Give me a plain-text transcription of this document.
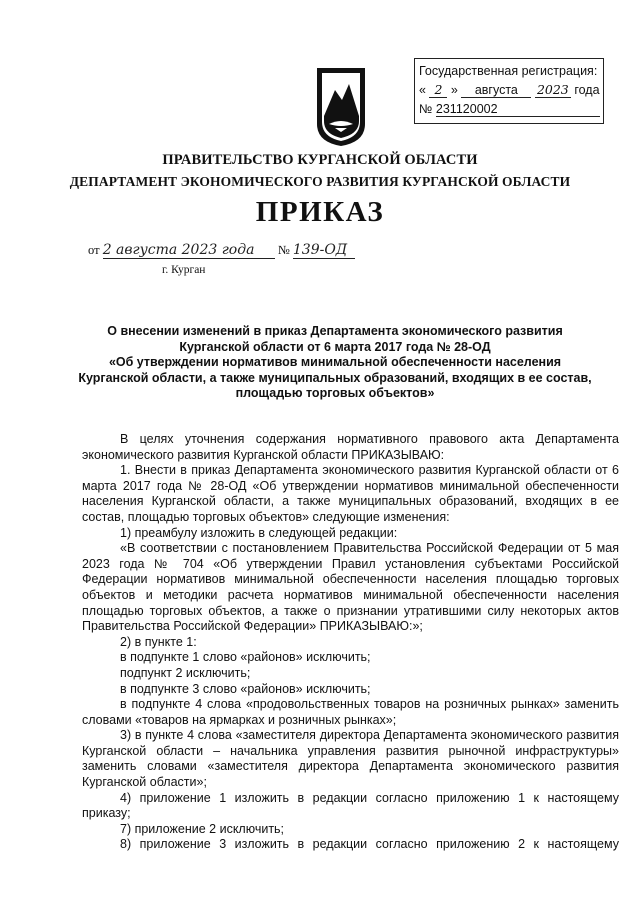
Государственная регистрация:
« 2 » августа 2023 года
№ 231120002
ПРАВИТЕЛЬСТВО КУРГАНСКОЙ ОБЛАСТИ
ДЕПАРТАМЕНТ ЭКОНОМИЧЕСКОГО РАЗВИТИЯ КУРГАНСКОЙ ОБЛАСТИ
ПРИКАЗ
от 2 августа 2023 года № 139-ОД
г. Курган
О внесении изменений в приказ Департамента экономического развития
Курганской области от 6 марта 2017 года № 28-ОД
«Об утверждении нормативов минимальной обеспеченности населения
Курганской области, а также муниципальных образований, входящих в ее состав,
площадью торговых объектов»

В целях уточнения содержания нормативного правового акта Департамента экономического развития Курганской области ПРИКАЗЫВАЮ:

1. Внести в приказ Департамента экономического развития Курганской области от 6 марта 2017 года № 28-ОД «Об утверждении нормативов минимальной обеспеченности населения Курганской области, а также муниципальных образований, входящих в ее состав, площадью торговых объектов» следующие изменения:

1) преамбулу изложить в следующей редакции:

«В соответствии с постановлением Правительства Российской Федерации от 5 мая 2023 года № 704 «Об утверждении Правил установления субъектами Российской Федерации нормативов минимальной обеспеченности населения площадью торговых объектов и методики расчета нормативов минимальной обеспеченности населения площадью торговых объектов, а также о признании утратившими силу некоторых актов Правительства Российской Федерации» ПРИКАЗЫВАЮ:»;

2) в пункте 1:

в подпункте 1 слово «районов» исключить;

подпункт 2 исключить;

в подпункте 3 слово «районов» исключить;

в подпункте 4 слова «продовольственных товаров на розничных рынках» заменить словами «товаров на ярмарках и розничных рынках»;

3) в пункте 4 слова «заместителя директора Департамента экономического развития Курганской области – начальника управления развития рыночной инфраструктуры» заменить словами «заместителя директора Департамента экономического развития Курганской области»;

4) приложение 1 изложить в редакции согласно приложению 1 к настоящему приказу;

7) приложение 2 исключить;

8) приложение 3 изложить в редакции согласно приложению 2 к настоящему
